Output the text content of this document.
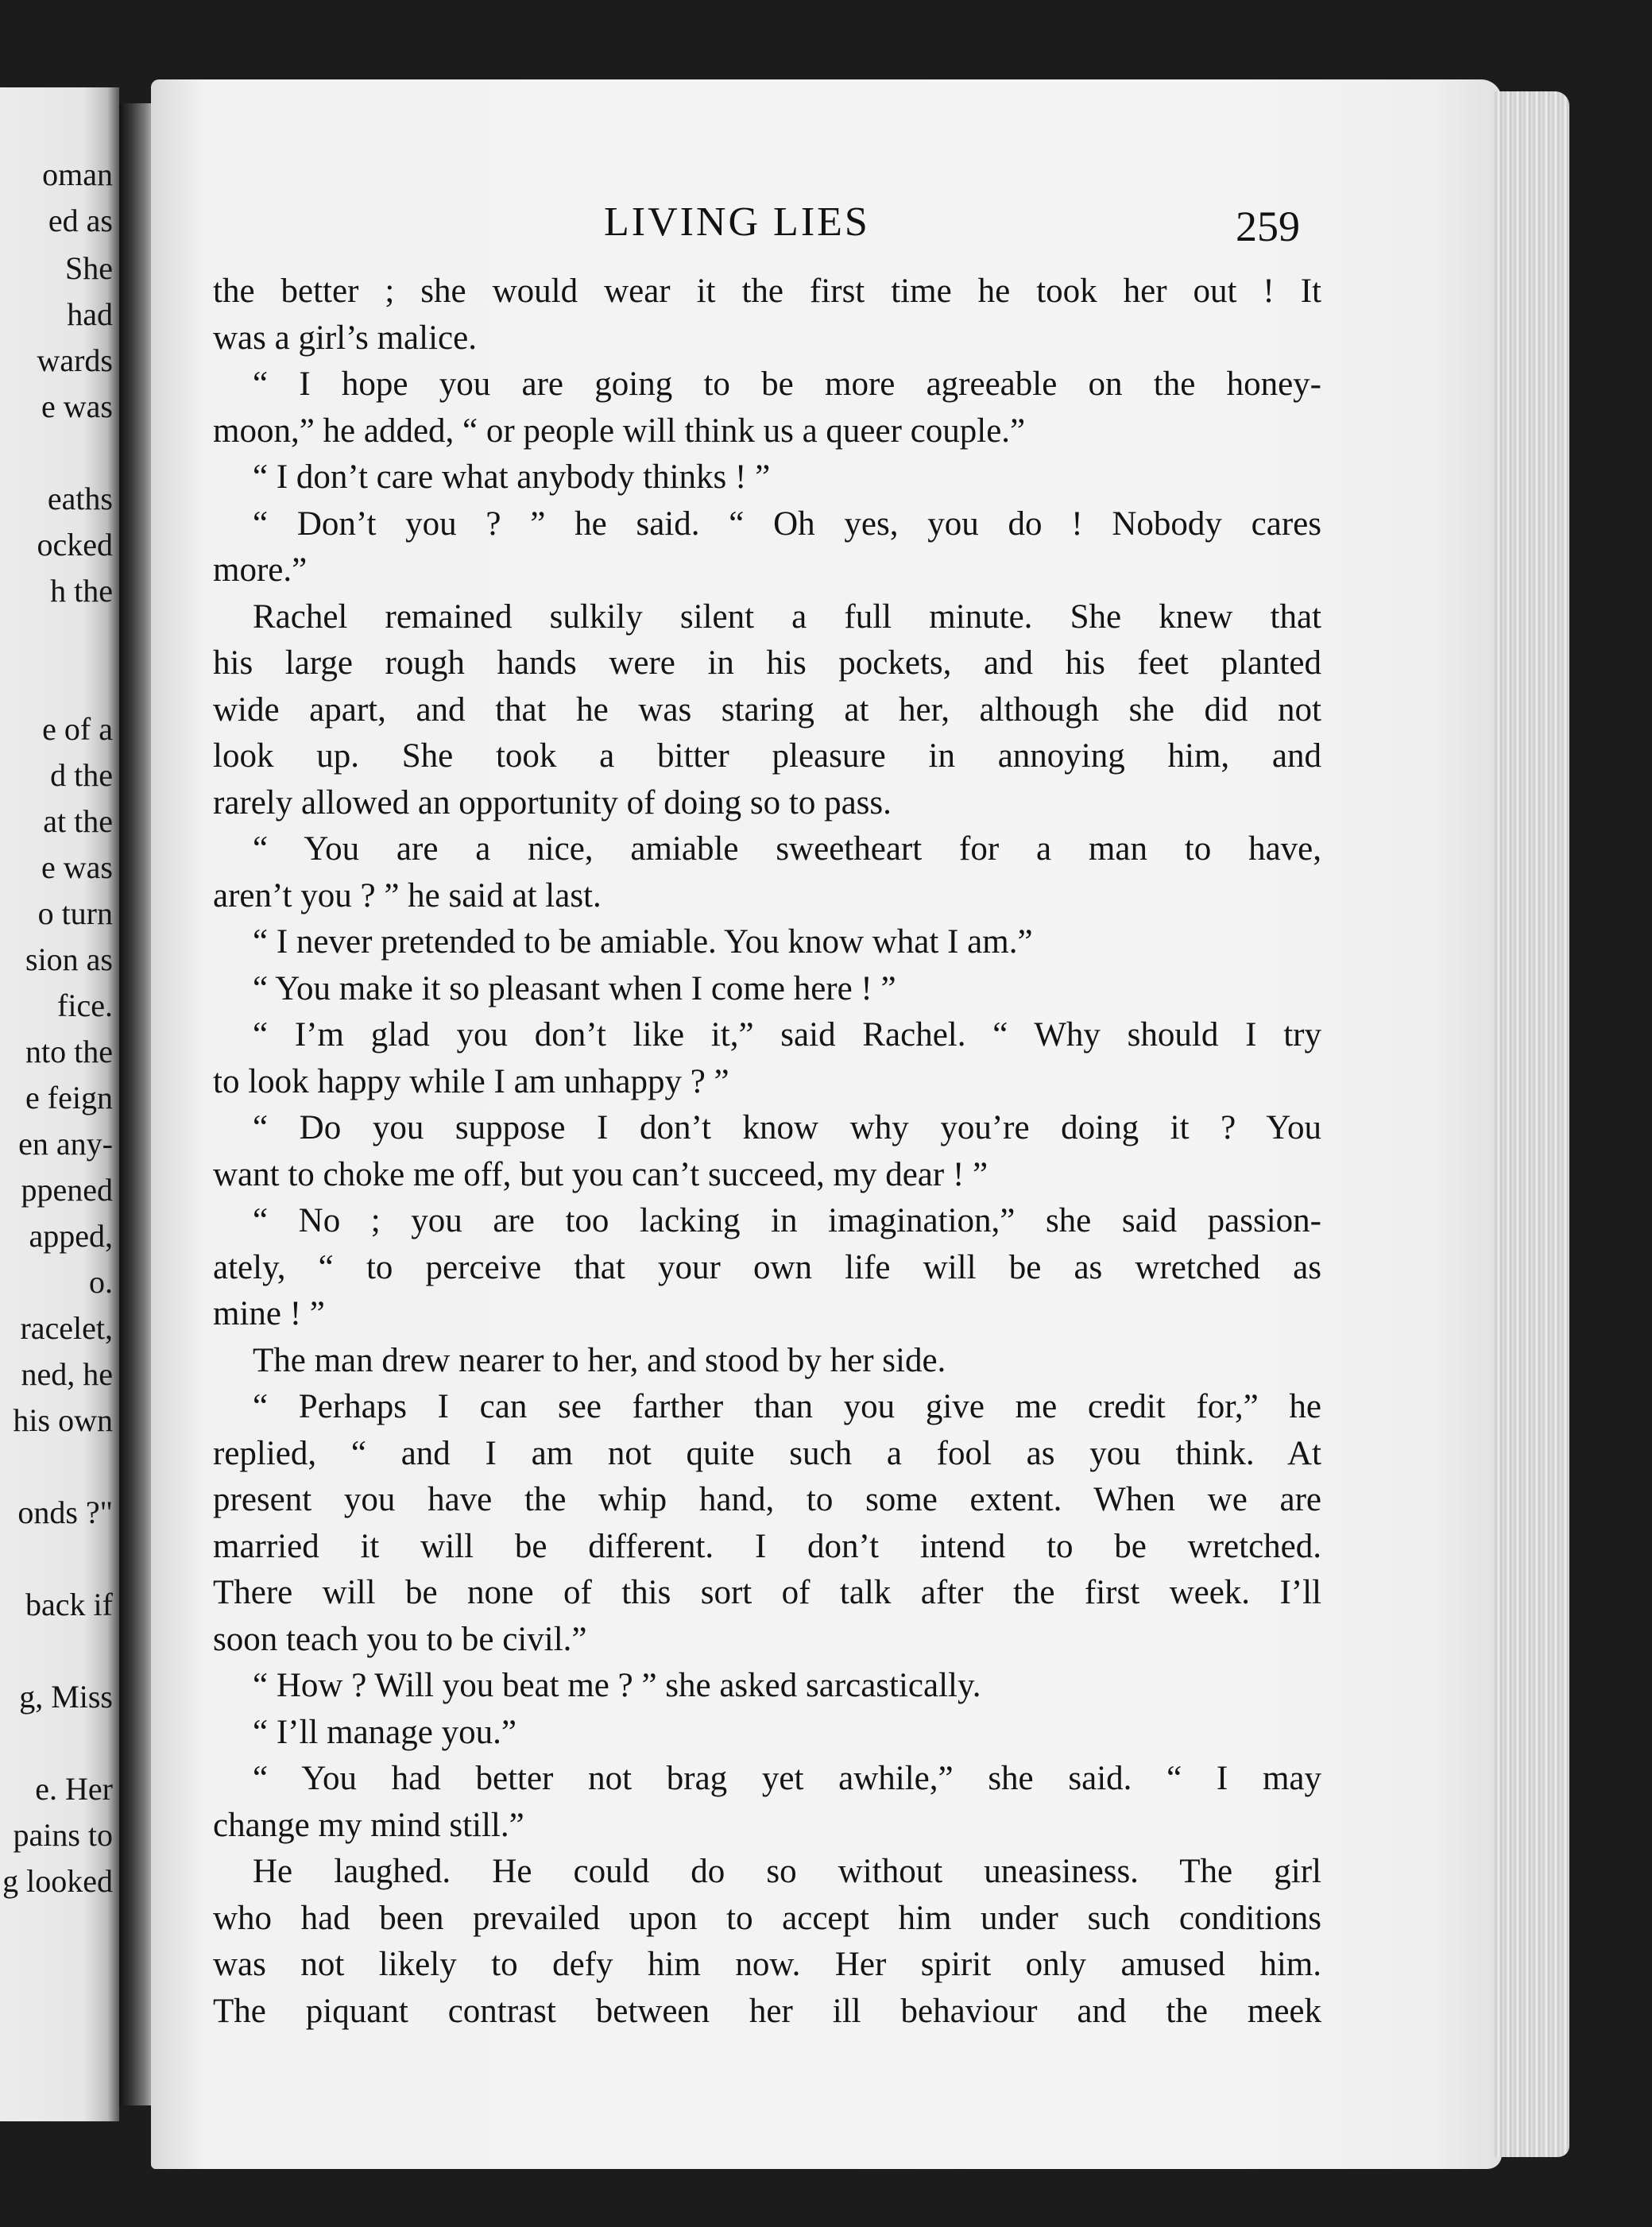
oman
ed as
She
had
wards
e was
eaths
ocked
h the
e of a
d the
at the
e was
o turn
sion as
fice.
nto the
e feign
en any-
ppened
apped,
o.
racelet,
ned, he
his own
onds ?"
back if
g, Miss
e. Her
pains to
g looked
LIVING LIES	259
the better ; she would wear it the first time he took her out ! It
was a girl’s malice.
“ I hope you are going to be more agreeable on the honey-
moon,” he added, “ or people will think us a queer couple.”
“ I don’t care what anybody thinks ! ”
“ Don’t you ? ” he said. “ Oh yes, you do ! Nobody cares
more.”
Rachel remained sulkily silent a full minute. She knew that
his large rough hands were in his pockets, and his feet planted
wide apart, and that he was staring at her, although she did not
look up. She took a bitter pleasure in annoying him, and
rarely allowed an opportunity of doing so to pass.
“ You are a nice, amiable sweetheart for a man to have,
aren’t you ? ” he said at last.
“ I never pretended to be amiable. You know what I am.”
“ You make it so pleasant when I come here ! ”
“ I’m glad you don’t like it,” said Rachel. “ Why should I try
to look happy while I am unhappy ? ”
“ Do you suppose I don’t know why you’re doing it ? You
want to choke me off, but you can’t succeed, my dear ! ”
“ No ; you are too lacking in imagination,” she said passion-
ately, “ to perceive that your own life will be as wretched as
mine ! ”
The man drew nearer to her, and stood by her side.
“ Perhaps I can see farther than you give me credit for,” he
replied, “ and I am not quite such a fool as you think. At
present you have the whip hand, to some extent. When we are
married it will be different. I don’t intend to be wretched.
There will be none of this sort of talk after the first week. I’ll
soon teach you to be civil.”
“ How ? Will you beat me ? ” she asked sarcastically.
“ I’ll manage you.”
“ You had better not brag yet awhile,” she said. “ I may
change my mind still.”
He laughed. He could do so without uneasiness. The girl
who had been prevailed upon to accept him under such conditions
was not likely to defy him now. Her spirit only amused him.
The piquant contrast between her ill behaviour and the meek
